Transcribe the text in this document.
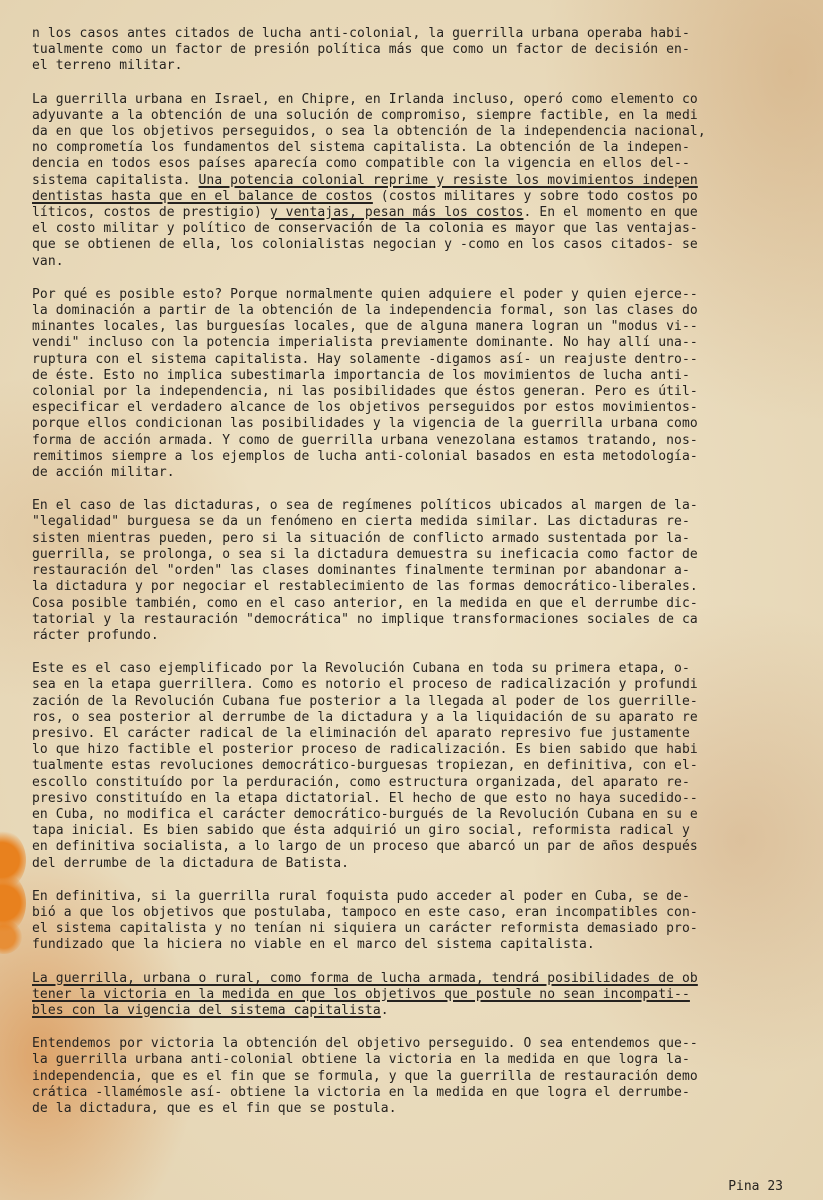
n los casos antes citados de lucha anti-colonial, la guerrilla urbana operaba habi-
tualmente como un factor de presión política más que como un factor de decisión en-
el terreno militar.

La guerrilla urbana en Israel, en Chipre, en Irlanda incluso, operó como elemento co
adyuvante a la obtención de una solución de compromiso, siempre factible, en la medi
da en que los objetivos perseguidos, o sea la obtención de la independencia nacional,
no comprometía los fundamentos del sistema capitalista. La obtención de la indepen-
dencia en todos esos países aparecía como compatible con la vigencia en ellos del--
sistema capitalista. Una potencia colonial reprime y resiste los movimientos indepen
dentistas hasta que en el balance de costos (costos militares y sobre todo costos po
líticos, costos de prestigio) y ventajas, pesan más los costos. En el momento en que
el costo militar y político de conservación de la colonia es mayor que las ventajas-
que se obtienen de ella, los colonialistas negocian y -como en los casos citados- se
van.

Por qué es posible esto? Porque normalmente quien adquiere el poder y quien ejerce--
la dominación a partir de la obtención de la independencia formal, son las clases do
minantes locales, las burguesías locales, que de alguna manera logran un "modus vi--
vendi" incluso con la potencia imperialista previamente dominante. No hay allí una--
ruptura con el sistema capitalista. Hay solamente -digamos así- un reajuste dentro--
de éste. Esto no implica subestimarla importancia de los movimientos de lucha anti-
colonial por la independencia, ni las posibilidades que éstos generan. Pero es útil-
especificar el verdadero alcance de los objetivos perseguidos por estos movimientos-
porque ellos condicionan las posibilidades y la vigencia de la guerrilla urbana como
forma de acción armada. Y como de guerrilla urbana venezolana estamos tratando, nos-
remitimos siempre a los ejemplos de lucha anti-colonial basados en esta metodología-
de acción militar.

En el caso de las dictaduras, o sea de regímenes políticos ubicados al margen de la-
"legalidad" burguesa se da un fenómeno en cierta medida similar. Las dictaduras re-
sisten mientras pueden, pero si la situación de conflicto armado sustentada por la-
guerrilla, se prolonga, o sea si la dictadura demuestra su ineficacia como factor de
restauración del "orden" las clases dominantes finalmente terminan por abandonar a-
la dictadura y por negociar el restablecimiento de las formas democrático-liberales.
Cosa posible también, como en el caso anterior, en la medida en que el derrumbe dic-
tatorial y la restauración "democrática" no implique transformaciones sociales de ca
rácter profundo.

Este es el caso ejemplificado por la Revolución Cubana en toda su primera etapa, o-
sea en la etapa guerrillera. Como es notorio el proceso de radicalización y profundi
zación de la Revolución Cubana fue posterior a la llegada al poder de los guerrille-
ros, o sea posterior al derrumbe de la dictadura y a la liquidación de su aparato re
presivo. El carácter radical de la eliminación del aparato represivo fue justamente
lo que hizo factible el posterior proceso de radicalización. Es bien sabido que habi
tualmente estas revoluciones democrático-burguesas tropiezan, en definitiva, con el-
escollo constituído por la perduración, como estructura organizada, del aparato re-
presivo constituído en la etapa dictatorial. El hecho de que esto no haya sucedido--
en Cuba, no modifica el carácter democrático-burgués de la Revolución Cubana en su e
tapa inicial. Es bien sabido que ésta adquirió un giro social, reformista radical y
en definitiva socialista, a lo largo de un proceso que abarcó un par de años después
del derrumbe de la dictadura de Batista.

En definitiva, si la guerrilla rural foquista pudo acceder al poder en Cuba, se de-
bió a que los objetivos que postulaba, tampoco en este caso, eran incompatibles con-
el sistema capitalista y no tenían ni siquiera un carácter reformista demasiado pro-
fundizado que la hiciera no viable en el marco del sistema capitalista.

La guerrilla, urbana o rural, como forma de lucha armada, tendrá posibilidades de ob
tener la victoria en la medida en que los objetivos que postule no sean incompati--
bles con la vigencia del sistema capitalista.

Entendemos por victoria la obtención del objetivo perseguido. O sea entendemos que--
la guerrilla urbana anti-colonial obtiene la victoria en la medida en que logra la-
independencia, que es el fin que se formula, y que la guerrilla de restauración demo
crática -llamémosle así- obtiene la victoria en la medida en que logra el derrumbe-
de la dictadura, que es el fin que se postula.

Pina 23
